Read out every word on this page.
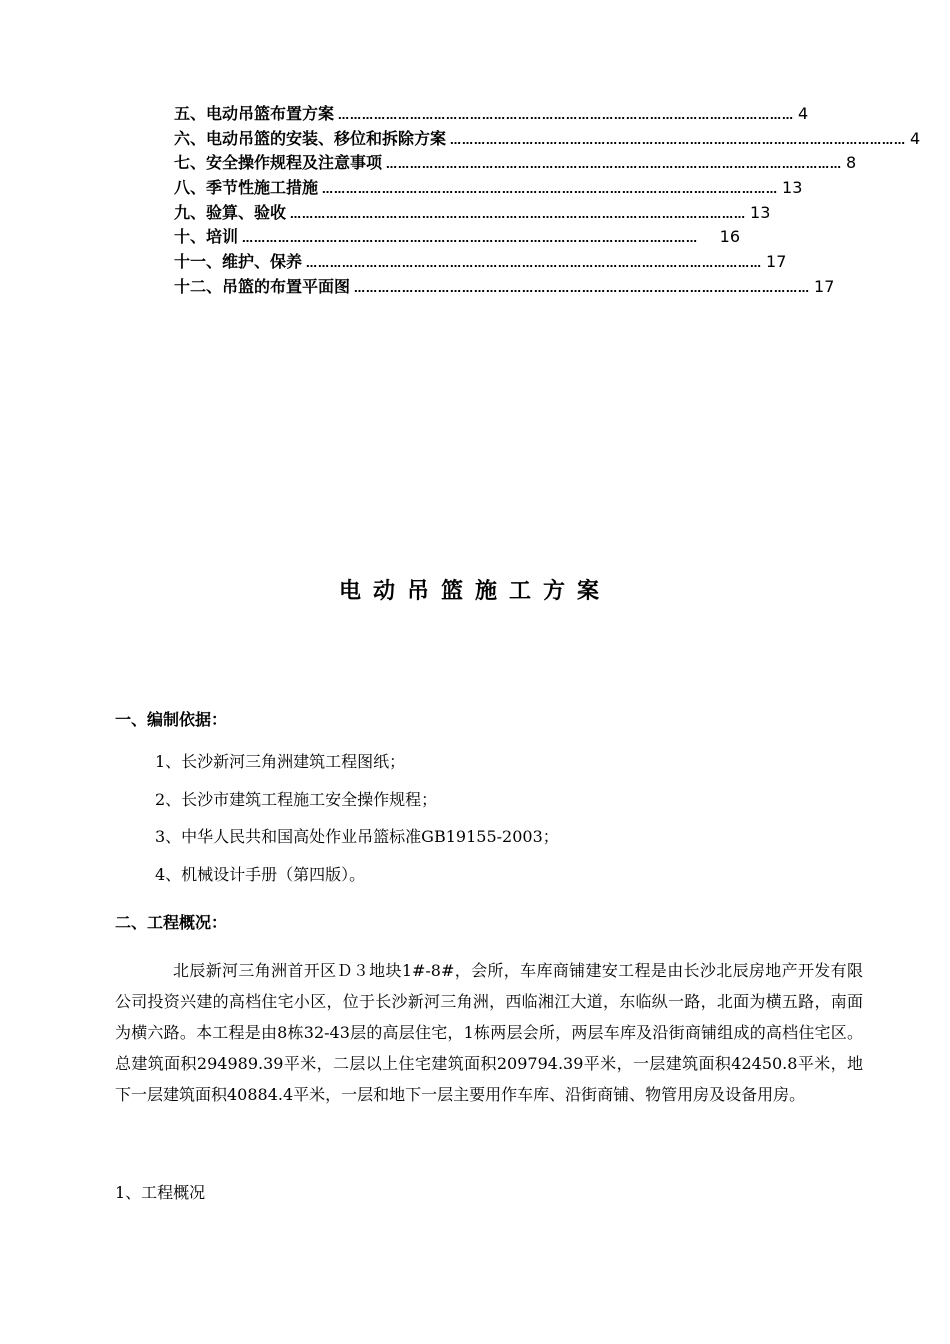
五、电动吊篮布置方案 …………………………………………………………………………………………………… 4
六、电动吊篮的安装、移位和拆除方案 …………………………………………………………………………………………………… 4
七、安全操作规程及注意事项 …………………………………………………………………………………………………… 8
八、季节性施工措施 …………………………………………………………………………………………………… 13
九、验算、验收 …………………………………………………………………………………………………… 13
十、培训 ……………………………………………………………………………………………………	16
十一、维护、保养 …………………………………………………………………………………………………… 17
十二、吊篮的布置平面图 …………………………………………………………………………………………………… 17
电动吊篮施工方案
一、编制依据：
1、长沙新河三角洲建筑工程图纸；
2、长沙市建筑工程施工安全操作规程；
3、中华人民共和国高处作业吊篮标准GB19155-2003；
4、机械设计手册（第四版）。
二、工程概况：

北辰新河三角洲首开区Ｄ３地块1#-8#，会所，车库商铺建安工程是由长沙北辰房地产开发有限公司投资兴建的高档住宅小区，位于长沙新河三角洲，西临湘江大道，东临纵一路，北面为横五路，南面为横六路。本工程是由8栋32-43层的高层住宅，1栋两层会所，两层车库及沿街商铺组成的高档住宅区。总建筑面积294989.39平米，二层以上住宅建筑面积209794.39平米，一层建筑面积42450.8平米，地下一层建筑面积40884.4平米，一层和地下一层主要用作车库、沿街商铺、物管用房及设备用房。

1、工程概况
